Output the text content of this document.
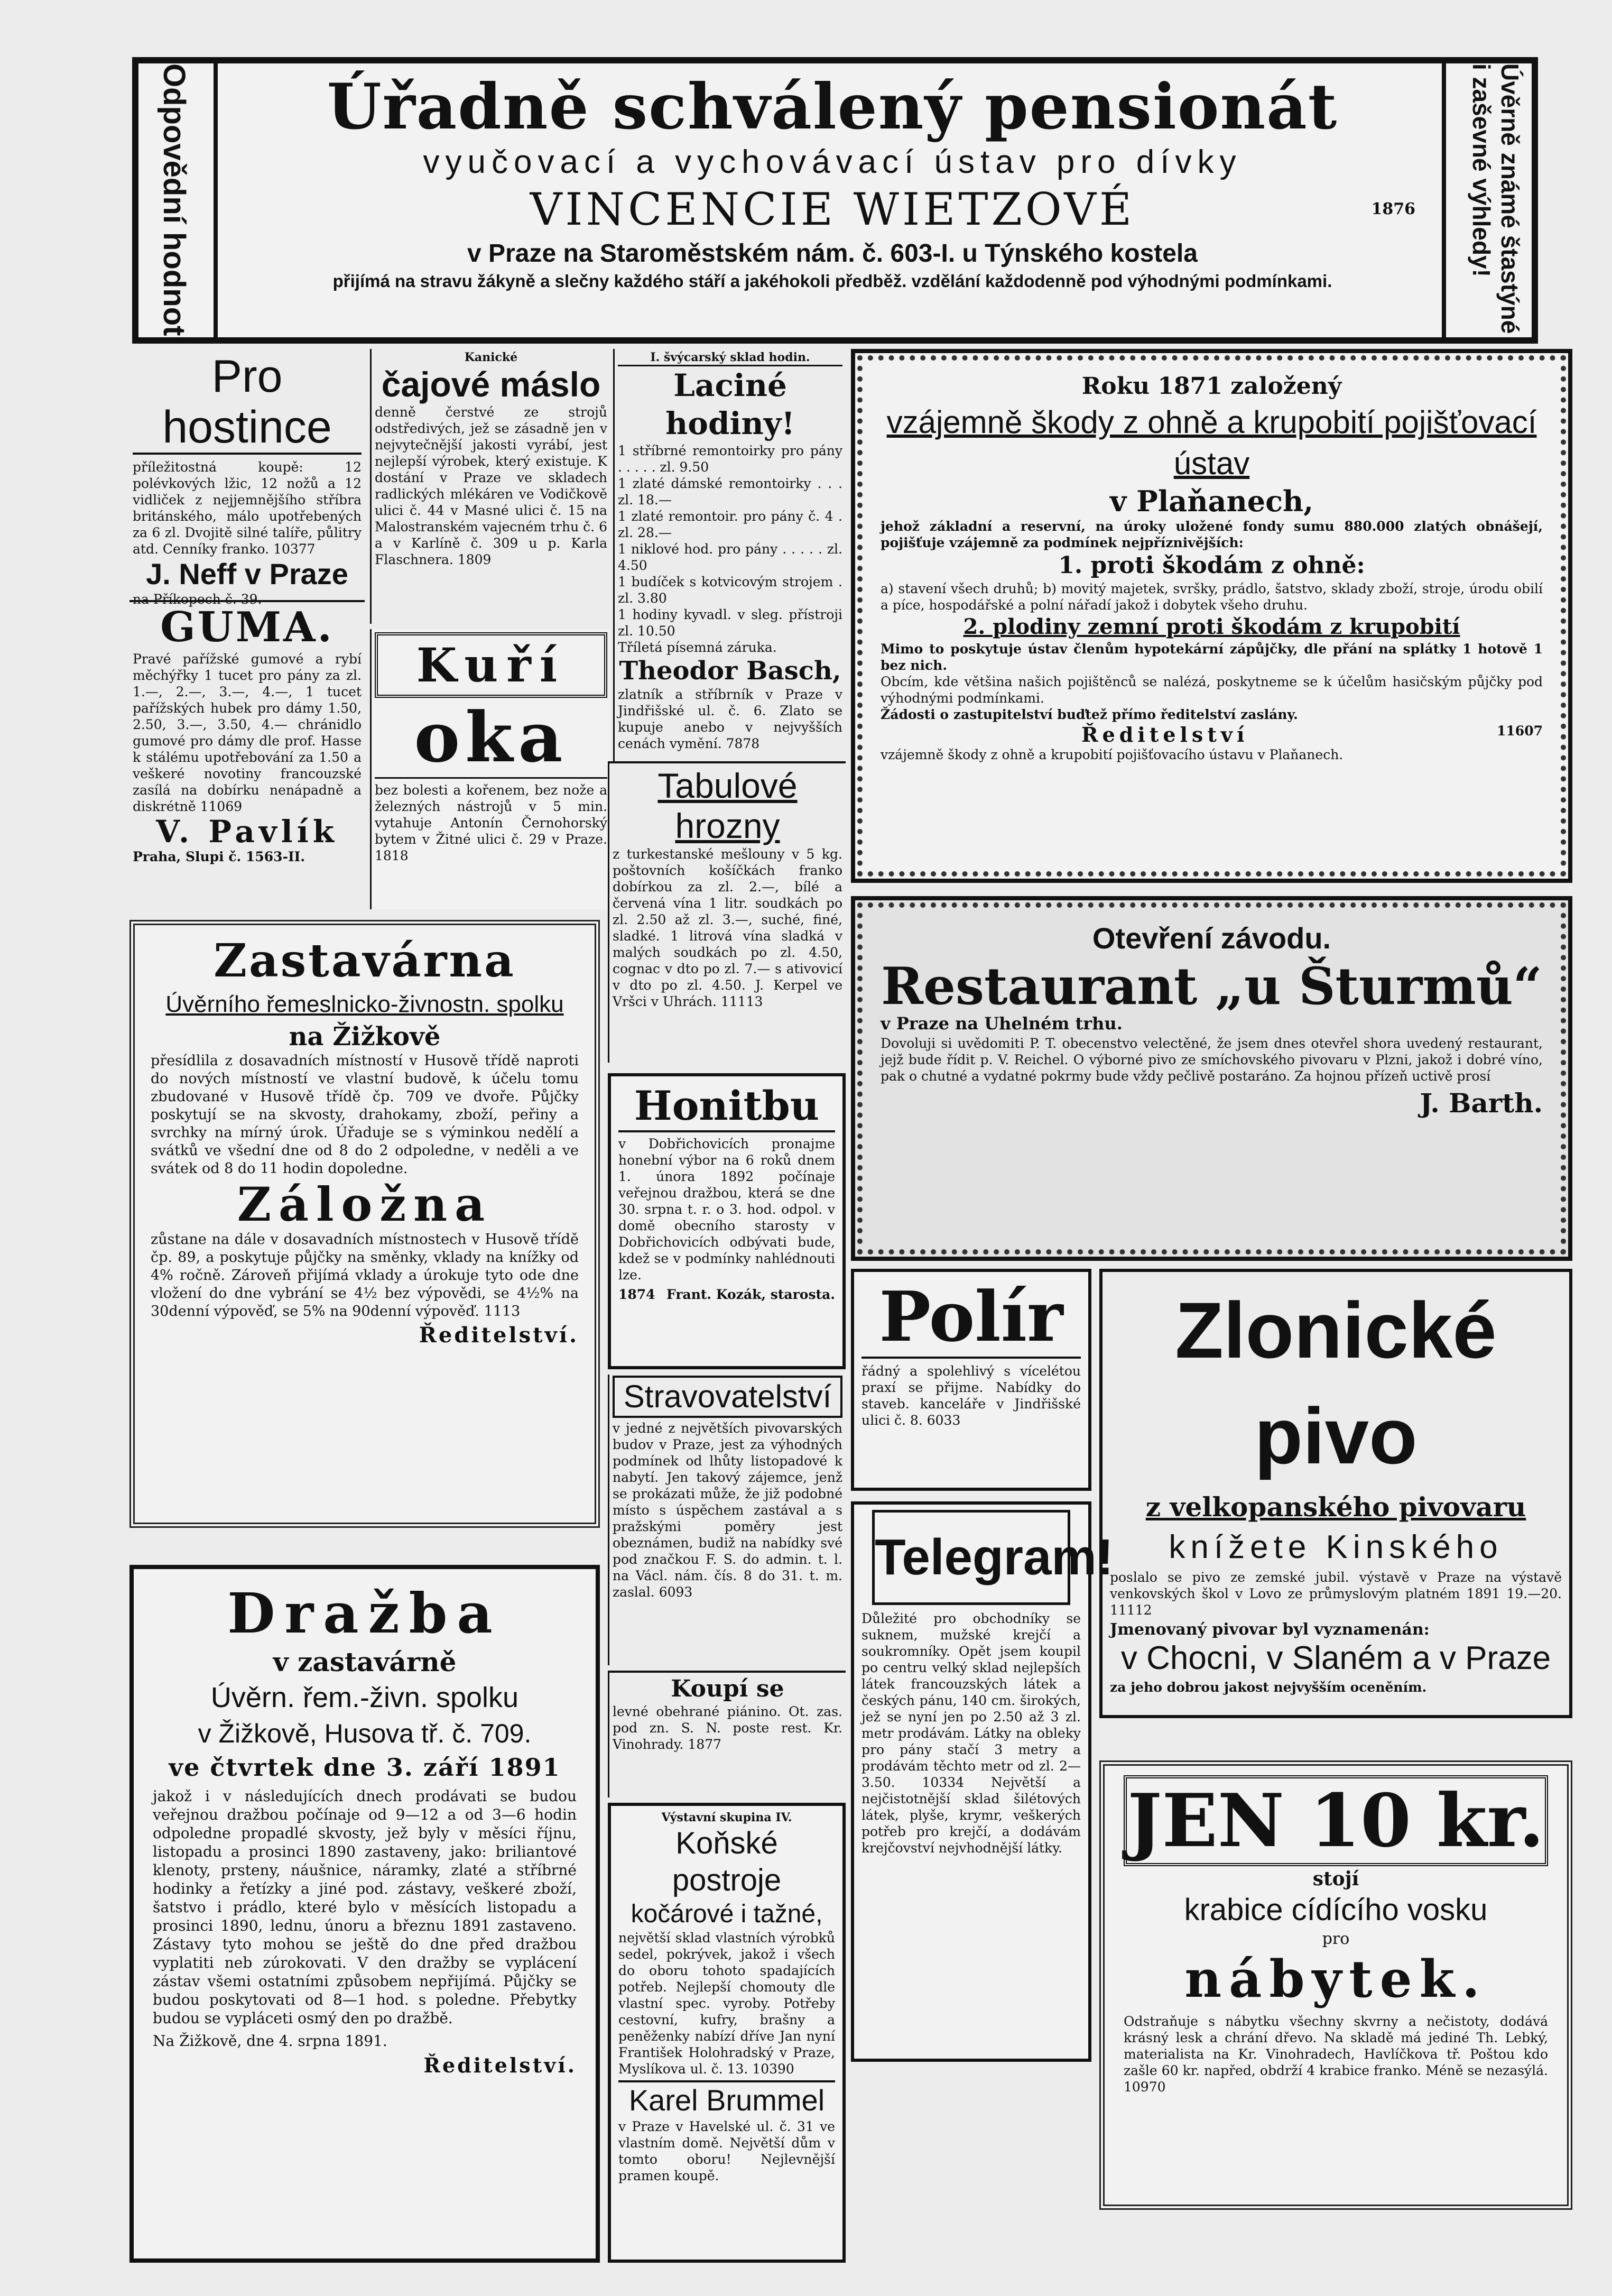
Odpovědní hodnot!	Úvěrně známé štastýné
i zaševné výhledy!
Úřadně schválený pensionát
vyučovací a vychovávací ústav pro dívky
VINCENCIE WIETZOVÉ	1876
v Praze na Staroměstském nám. č. 603-I. u Týnského kostela
přijímá na stravu žákyně a slečny každého stáří a jakéhokoli předběž. vzdělání každodenně pod výhodnými podmínkami.
Pro hostince
příležitostná koupě: 12 polévkových lžic, 12 nožů a 12 vidliček z nejjemnějšího stříbra británského, málo upotřebených za 6 zl. Dvojitě silné talíře, půlitry atd. Cenníky franko. 10377
J. Neff v Praze
na Příkopech č. 39.
GUMA.
Pravé pařížské gumové a rybí měchýřky 1 tucet pro pány za zl. 1.—, 2.—, 3.—, 4.—, 1 tucet pařížských hubek pro dámy 1.50, 2.50, 3.—, 3.50, 4.— chránidlo gumové pro dámy dle prof. Hasse k stálému upotřebování za 1.50 a veškeré novotiny francouzské zasílá na dobírku nenápadně a diskrétně 11069
V. Pavlík
Praha, Slupi č. 1563-II.
Kanické
čajové máslo
denně čerstvé ze strojů odstředivých, jež se zásadně jen v nejvytečnější jakosti vyrábí, jest nejlepší výrobek, který existuje. K dostání v Praze ve skladech radlických mlékáren ve Vodičkově ulici č. 44 v Masné ulici č. 15 na Malostranském vajecném trhu č. 6 a v Karlíně č. 309 u p. Karla Flaschnera. 1809
Kuří
oka
bez bolesti a kořenem, bez nože a železných nástrojů v 5 min. vytahuje Antonín Černohorský bytem v Žitné ulici č. 29 v Praze. 1818
I. švýcarský sklad hodin.
Laciné hodiny!
1 stříbrné remontoirky pro pány . . . . . zl. 9.50
1 zlaté dámské remontoirky . . . zl. 18.—
1 zlaté remontoir. pro pány č. 4 . zl. 28.—
1 niklové hod. pro pány . . . . . zl. 4.50
1 budíček s kotvicovým strojem . zl. 3.80
1 hodiny kyvadl. v sleg. přístroji zl. 10.50
Tříletá písemná záruka.
Theodor Basch,
zlatník a stříbrník v Praze v Jindřišské ul. č. 6. Zlato se kupuje anebo v nejvyšších cenách vymění. 7878
Tabulové hrozny
z turkestanské mešlouny v 5 kg. poštovních košíčkách franko dobírkou za zl. 2.—, bílé a červená vína 1 litr. soudkách po zl. 2.50 až zl. 3.—, suché, finé, sladké. 1 litrová vína sladká v malých soudkách po zl. 4.50, cognac v dto po zl. 7.— s ativovicí v dto po zl. 4.50. J. Kerpel ve Vršci v Uhrách. 11113
Roku 1871 založený
vzájemně škody z ohně a krupobití pojišťovací ústav
v Plaňanech,
jehož základní a reservní, na úroky uložené fondy sumu 880.000 zlatých obnášejí, pojišťuje vzájemně za podmínek nejpříznivějších:
1. proti škodám z ohně:
a) stavení všech druhů; b) movitý majetek, svršky, prádlo, šatstvo, sklady zboží, stroje, úrodu obilí a píce, hospodářské a polní nářadí jakož i dobytek všeho druhu.
2. plodiny zemní proti škodám z krupobití
Mimo to poskytuje ústav členům hypotekární zápůjčky, dle přání na splátky 1 hotově 1 bez nich.
Obcím, kde většina našich pojištěnců se nalézá, poskytneme se k účelům hasičským půjčky pod výhodnými podmínkami.
Žádosti o zastupitelství buďtež přímo ředitelství zaslány.
Ředitelství	11607
vzájemně škody z ohně a krupobití pojišťovacího ústavu v Plaňanech.
Otevření závodu.
Restaurant „u Šturmů“
v Praze na Uhelném trhu.
Dovoluji si uvědomiti P. T. obecenstvo velectěné, že jsem dnes otevřel shora uvedený restaurant, jejž bude řídit p. V. Reichel. O výborné pivo ze smíchovského pivovaru v Plzni, jakož i dobré víno, pak o chutné a vydatné pokrmy bude vždy pečlivě postaráno. Za hojnou přízeň uctivě prosí
J. Barth.
Zastavárna
Úvěrního řemeslnicko-živnostn. spolku
na Žižkově
přesídlila z dosavadních místností v Husově třídě naproti do nových místností ve vlastní budově, k účelu tomu zbudované v Husově třídě čp. 709 ve dvoře. Půjčky poskytují se na skvosty, drahokamy, zboží, peřiny a svrchky na mírný úrok. Úřaduje se s výminkou nedělí a svátků ve všední dne od 8 do 2 odpoledne, v neděli a ve svátek od 8 do 11 hodin dopoledne.
Záložna
zůstane na dále v dosavadních místnostech v Husově třídě čp. 89, a poskytuje půjčky na směnky, vklady na knížky od 4% ročně. Zároveň přijímá vklady a úrokuje tyto ode dne vložení do dne vybrání se 4½ bez výpovědi, se 4½% na 30denní výpověď, se 5% na 90denní výpověď. 1113
Ředitelství.
Dražba
v zastavárně
Úvěrn. řem.-živn. spolku
v Žižkově, Husova tř. č. 709.
ve čtvrtek dne 3. září 1891
jakož i v následujících dnech prodávati se budou veřejnou dražbou počínaje od 9—12 a od 3—6 hodin odpoledne propadlé skvosty, jež byly v měsíci říjnu, listopadu a prosinci 1890 zastaveny, jako: briliantové klenoty, prsteny, náušnice, náramky, zlaté a stříbrné hodinky a řetízky a jiné pod. zástavy, veškeré zboží, šatstvo i prádlo, které bylo v měsících listopadu a prosinci 1890, lednu, únoru a březnu 1891 zastaveno. Zástavy tyto mohou se ještě do dne před dražbou vyplatiti neb zúrokovati. V den dražby se vyplácení zástav všemi ostatními způsobem nepřijímá. Půjčky se budou poskytovati od 8—1 hod. s poledne. Přebytky budou se vypláceti osmý den po dražbě.
Na Žižkově, dne 4. srpna 1891.
Ředitelství.
Honitbu
v Dobřichovicích pronajme honební výbor na 6 roků dnem 1. února 1892 počínaje veřejnou dražbou, která se dne 30. srpna t. r. o 3. hod. odpol. v domě obecního starosty v Dobřichovicích odbývati bude, kdež se v podmínky nahlédnouti lze.
1874 Frant. Kozák, starosta.
Stravovatelství
v jedné z největších pivovarských budov v Praze, jest za výhodných podmínek od lhůty listopadové k nabytí. Jen takový zájemce, jenž se prokázati může, že již podobné místo s úspěchem zastával a s pražskými poměry jest obeznámen, budiž na nabídky své pod značkou F. S. do admin. t. l. na Václ. nám. čís. 8 do 31. t. m. zaslal. 6093
Koupí se
levné obehrané piánino. Ot. zas. pod zn. S. N. poste rest. Kr. Vinohrady. 1877
Výstavní skupina IV.
Koňské postroje
kočárové i tažné,
největší sklad vlastních výrobků sedel, pokrývek, jakož i všech do oboru tohoto spadajících potřeb. Nejlepší chomouty dle vlastní spec. vyroby. Potřeby cestovní, kufry, brašny a peněženky nabízí dříve Jan nyní František Holohradský v Praze, Myslíkova ul. č. 13. 10390
Karel Brummel
v Praze v Havelské ul. č. 31 ve vlastním domě. Největší dům v tomto oboru! Nejlevnější pramen koupě.
Polír
řádný a spolehlivý s vícelétou praxí se přijme. Nabídky do staveb. kanceláře v Jindřišské ulici č. 8. 6033
Telegram!
Důležité pro obchodníky se suknem, mužské krejčí a soukromníky. Opět jsem koupil po centru velký sklad nejlepších látek francouzských látek a českých pánu, 140 cm. širokých, jež se nyní jen po 2.50 až 3 zl. metr prodávám. Látky na obleky pro pány stačí 3 metry a prodávám těchto metr od zl. 2—3.50. 10334 Největší a nejčistotnější sklad šilétových látek, plyše, krymr, veškerých potřeb pro krejčí, a dodávám krejčovství nejvhodnější látky.
Zlonické pivo
z velkopanského pivovaru
knížete Kinského
poslalo se pivo ze zemské jubil. výstavě v Praze na výstavě venkovských škol v Lovo ze průmyslovým platném 1891 19.—20. 11112
Jmenovaný pivovar byl vyznamenán:
v Chocni, v Slaném a v Praze
za jeho dobrou jakost nejvyšším oceněním.
JEN 10 kr.
stojí
krabice cídícího vosku
pro
nábytek.
Odstraňuje s nábytku všechny skvrny a nečistoty, dodává krásný lesk a chrání dřevo. Na skladě má jediné Th. Lebký, materialista na Kr. Vinohradech, Havlíčkova tř. Poštou kdo zašle 60 kr. napřed, obdrží 4 krabice franko. Méně se nezasýlá. 10970
